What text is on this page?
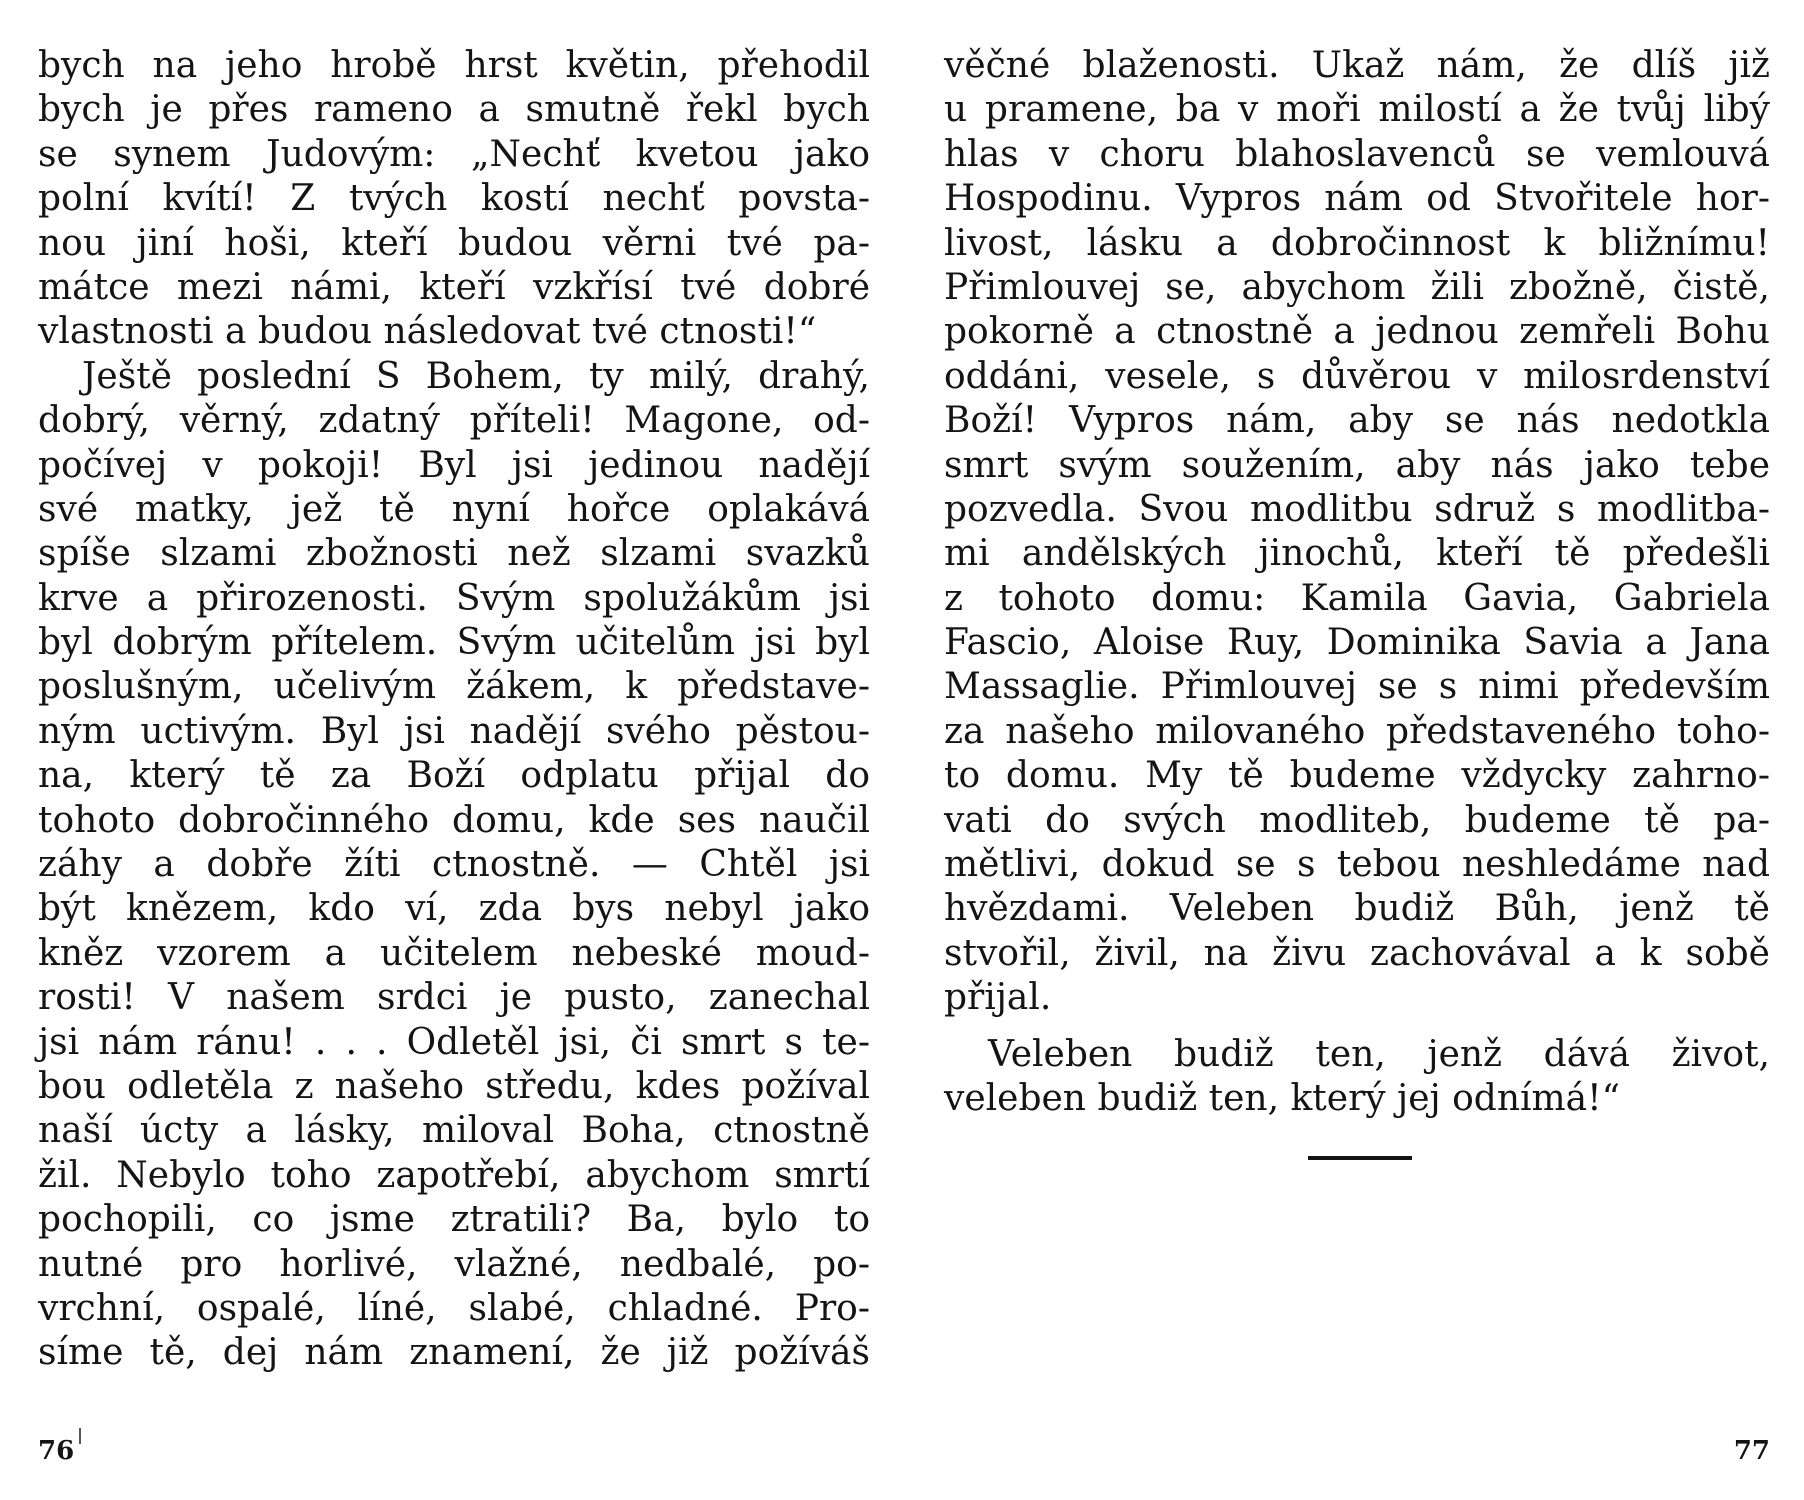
bych na jeho hrobě hrst květin, přehodil
bych je přes rameno a smutně řekl bych
se synem Judovým: „Nechť kvetou jako
polní kvítí! Z tvých kostí nechť povsta-
nou jiní hoši, kteří budou věrni tvé pa-
mátce mezi námi, kteří vzkřísí tvé dobré
vlastnosti a budou následovat tvé ctnosti!“
Ještě poslední S Bohem, ty milý, drahý,
dobrý, věrný, zdatný příteli! Magone, od-
počívej v pokoji! Byl jsi jedinou nadějí
své matky, jež tě nyní hořce oplakává
spíše slzami zbožnosti než slzami svazků
krve a přirozenosti. Svým spolužákům jsi
byl dobrým přítelem. Svým učitelům jsi byl
poslušným, učelivým žákem, k představe-
ným uctivým. Byl jsi nadějí svého pěstou-
na, který tě za Boží odplatu přijal do
tohoto dobročinného domu, kde ses naučil
záhy a dobře žíti ctnostně. — Chtěl jsi
být knězem, kdo ví, zda bys nebyl jako
kněz vzorem a učitelem nebeské moud-
rosti! V našem srdci je pusto, zanechal
jsi nám ránu! . . . Odletěl jsi, či smrt s te-
bou odletěla z našeho středu, kdes požíval
naší úcty a lásky, miloval Boha, ctnostně
žil. Nebylo toho zapotřebí, abychom smrtí
pochopili, co jsme ztratili? Ba, bylo to
nutné pro horlivé, vlažné, nedbalé, po-
vrchní, ospalé, líné, slabé, chladné. Pro-
síme tě, dej nám znamení, že již požíváš
76
věčné blaženosti. Ukaž nám, že dlíš již
u pramene, ba v moři milostí a že tvůj libý
hlas v choru blahoslavenců se vemlouvá
Hospodinu. Vypros nám od Stvořitele hor-
livost, lásku a dobročinnost k bližnímu!
Přimlouvej se, abychom žili zbožně, čistě,
pokorně a ctnostně a jednou zemřeli Bohu
oddáni, vesele, s důvěrou v milosrdenství
Boží! Vypros nám, aby se nás nedotkla
smrt svým soužením, aby nás jako tebe
pozvedla. Svou modlitbu sdruž s modlitba-
mi andělských jinochů, kteří tě předešli
z tohoto domu: Kamila Gavia, Gabriela
Fascio, Aloise Ruy, Dominika Savia a Jana
Massaglie. Přimlouvej se s nimi především
za našeho milovaného představeného toho-
to domu. My tě budeme vždycky zahrno-
vati do svých modliteb, budeme tě pa-
mětlivi, dokud se s tebou neshledáme nad
hvězdami. Veleben budiž Bůh, jenž tě
stvořil, živil, na živu zachovával a k sobě
přijal.
Veleben budiž ten, jenž dává život,
veleben budiž ten, který jej odnímá!“
77
